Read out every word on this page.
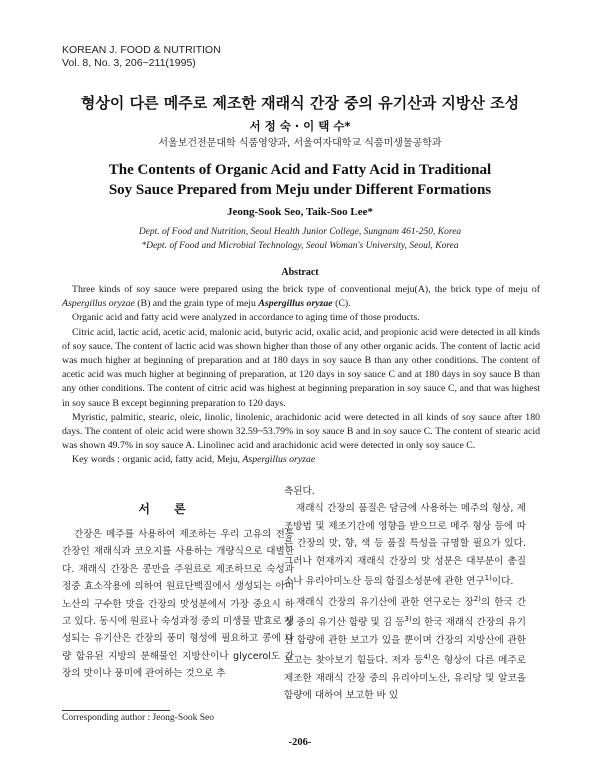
KOREAN J. FOOD & NUTRITION
Vol. 8, No. 3, 206~211(1995)
형상이 다른 메주로 제조한 재래식 간장 중의 유기산과 지방산 조성
서 정 숙 · 이 택 수*
서울보건전문대학 식품영양과, 서울여자대학교 식품미생물공학과
The Contents of Organic Acid and Fatty Acid in Traditional
Soy Sauce Prepared from Meju under Different Formations
Jeong-Sook Seo, Taik-Soo Lee*
Dept. of Food and Nutrition, Seoul Health Junior College, Sungnam 461-250, Korea
*Dept. of Food and Microbial Technology, Seoul Woman's University, Seoul, Korea
Abstract

Three kinds of soy sauce were prepared using the brick type of conventional meju(A), the brick type of meju of Aspergillus oryzae (B) and the grain type of meju Aspergillus oryzae (C).

Organic acid and fatty acid were analyzed in accordance to aging time of those products.

Citric acid, lactic acid, acetic acid, malonic acid, butyric acid, oxalic acid, and propionic acid were detected in all kinds of soy sauce. The content of lactic acid was shown higher than those of any other organic acids. The content of lactic acid was much higher at beginning of preparation and at 180 days in soy sauce B than any other conditions. The content of acetic acid was much higher at beginning of preparation, at 120 days in soy sauce C and at 180 days in soy sauce B than any other conditions. The content of citric acid was highest at beginning preparation in soy sauce C, and that was highest in soy sauce B except beginning preparation to 120 days.

Myristic, palmitic, stearic, oleic, linolic, linolenic, arachidonic acid were detected in all kinds of soy sauce after 180 days. The content of oleic acid were shown 32.59~53.79% in soy sauce B and in soy sauce C. The content of stearic acid was shown 49.7% in soy sauce A. Linolinec acid and arachidonic acid were detected in only soy sauce C.

Key words : organic acid, fatty acid, Meju, Aspergillus oryzae

서 론

간장은 메주를 사용하여 제조하는 우리 고유의 전통 간장인 재래식과 코오지를 사용하는 개량식으로 대별한다. 재래식 간장은 콩만을 주원료로 제조하므로 숙성과정중 효소작용에 의하여 원료단백질에서 생성되는 아미노산의 구수한 맛을 간장의 맛성분에서 가장 중요시 하고 있다. 동시에 원료나 숙성과정 중의 미생물 발효로 생성되는 유기산은 간장의 풍미 형성에 필요하고 콩에 다량 함유된 지방의 분해물인 지방산이나 glycerol도 간장의 맛이나 풍미에 관여하는 것으로 추

측된다.

재래식 간장의 품질은 담금에 사용하는 메주의 형상, 제조방법 및 제조기간에 영향을 받으므로 메주 형상 등에 따른 간장의 맛, 향, 색 등 품질 특성을 규명할 필요가 있다. 그러나 현재까지 재래식 간장의 맛 성분은 대부분이 총질소나 유리아미노산 등의 함질소성분에 관한 연구$^{1)}$이다.

재래식 간장의 유기산에 관한 연구로는 장$^{2)}$의 한국 간장 중의 유기산 함량 및 김 등$^{3)}$의 한국 재래식 간장의 유기산 함량에 관한 보고가 있을 뿐이며 간장의 지방산에 관한 보고는 찾아보기 힘들다. 저자 등$^{4)}$은 형상이 다른 메주로 제조한 재래식 간장 중의 유리아미노산, 유리당 및 알코올 함량에 대하여 보고한 바 있

Corresponding author : Jeong-Sook Seo
-206-
